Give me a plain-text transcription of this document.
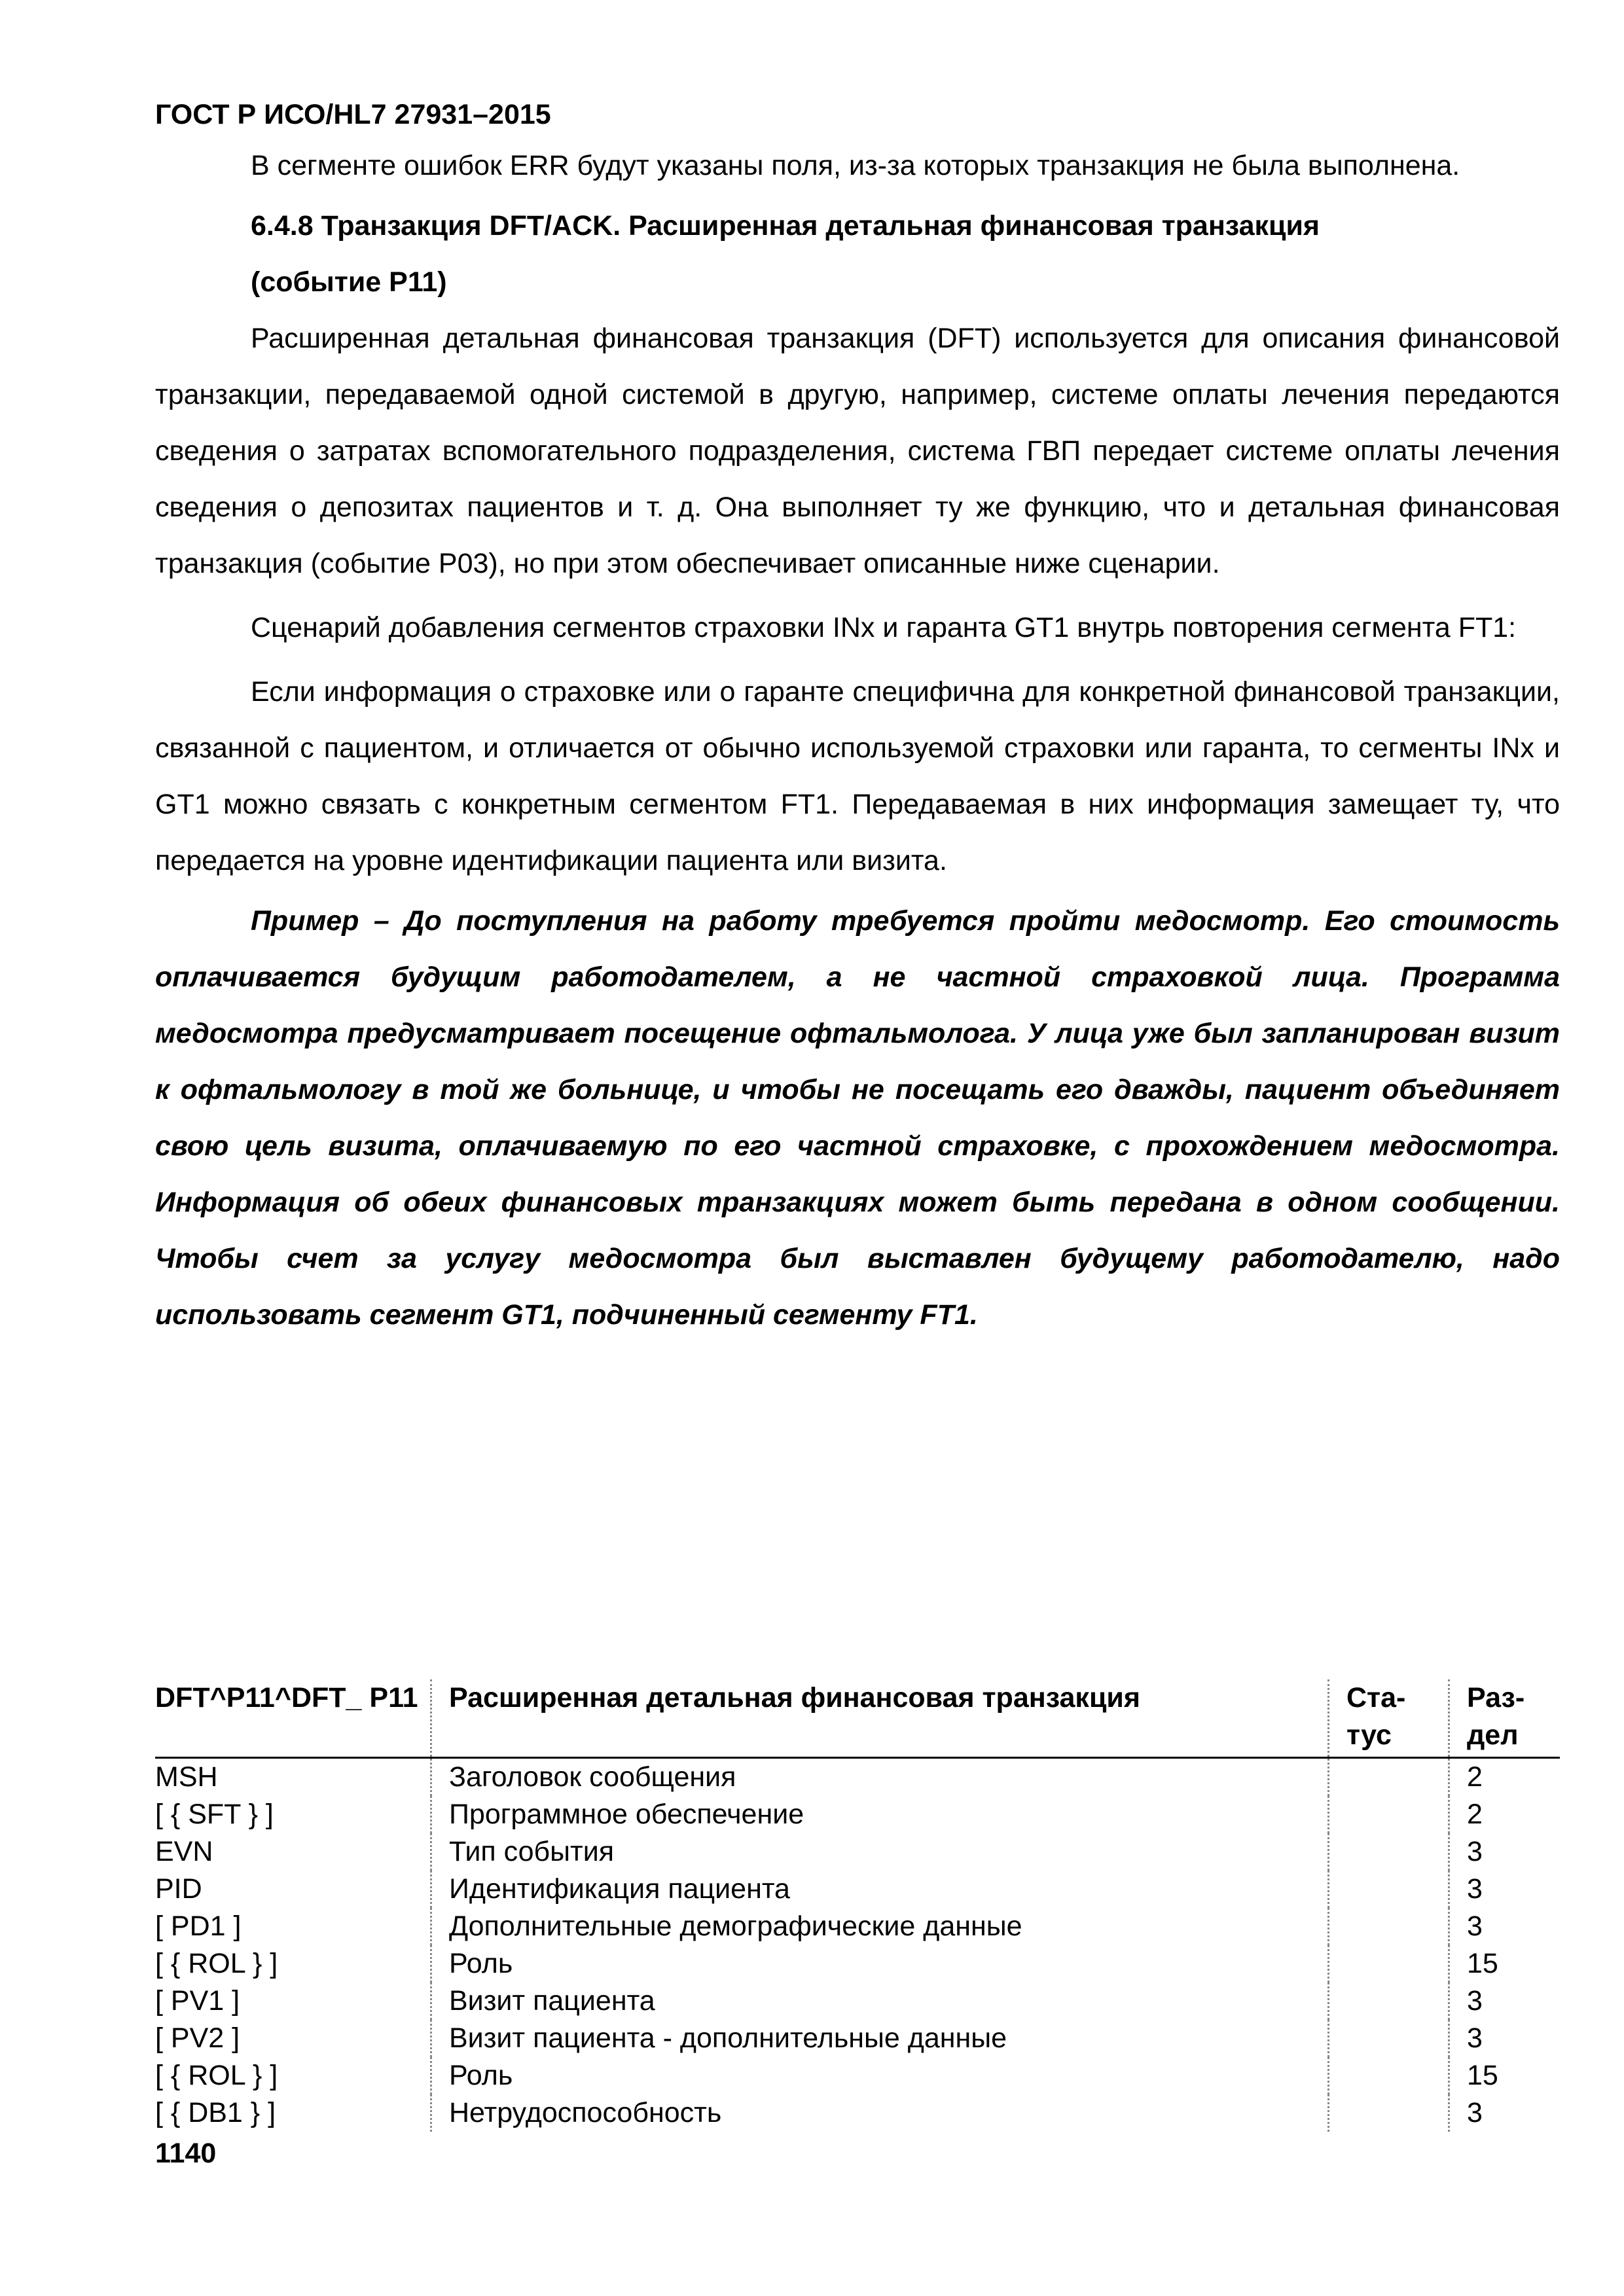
ГОСТ Р ИСО/HL7 27931–2015

В сегменте ошибок ERR будут указаны поля, из-за которых транзакция не была выполнена.

6.4.8 Транзакция DFT/ACK. Расширенная детальная финансовая транзакция
(событие P11)

Расширенная детальная финансовая транзакция (DFT) используется для описания финансовой транзакции, передаваемой одной системой в другую, например, системе оплаты лечения передаются сведения о затратах вспомогательного подразделения, система ГВП передает системе оплаты лечения сведения о депозитах пациентов и т. д. Она выполняет ту же функцию, что и детальная финансовая транзакция (событие P03), но при этом обеспечивает описанные ниже сценарии.

Сценарий добавления сегментов страховки INx и гаранта GT1 внутрь повторения сегмента FT1:

Если информация о страховке или о гаранте специфична для конкретной финансовой транзакции, связанной с пациентом, и отличается от обычно используемой страховки или гаранта, то сегменты INx и GT1 можно связать с конкретным сегментом FT1. Передаваемая в них информация замещает ту, что передается на уровне идентификации пациента или визита.

Пример – До поступления на работу требуется пройти медосмотр. Его стоимость оплачивается будущим работодателем, а не частной страховкой лица. Программа медосмотра предусматривает посещение офтальмолога. У лица уже был запланирован визит к офтальмологу в той же больнице, и чтобы не посещать его дважды, пациент объединяет свою цель визита, оплачиваемую по его частной страховке, с прохождением медосмотра. Информация об обеих финансовых транзакциях может быть передана в одном сообщении. Чтобы счет за услугу медосмотра был выставлен будущему работодателю, надо использовать сегмент GT1, подчиненный сегменту FT1.

DFT^P11^DFT_ P11	Расширенная детальная финансовая транзакция	Ста- тус	Раз- дел
MSH	Заголовок сообщения		2
[ { SFT } ]	Программное обеспечение		2
EVN	Тип события		3
PID	Идентификация пациента		3
[ PD1 ]	Дополнительные демографические данные		3
[ { ROL } ]	Роль		15
[ PV1 ]	Визит пациента		3
[ PV2 ]	Визит пациента - дополнительные данные		3
[ { ROL } ]	Роль		15
[ { DB1 } ]	Нетрудоспособность		3
1140
